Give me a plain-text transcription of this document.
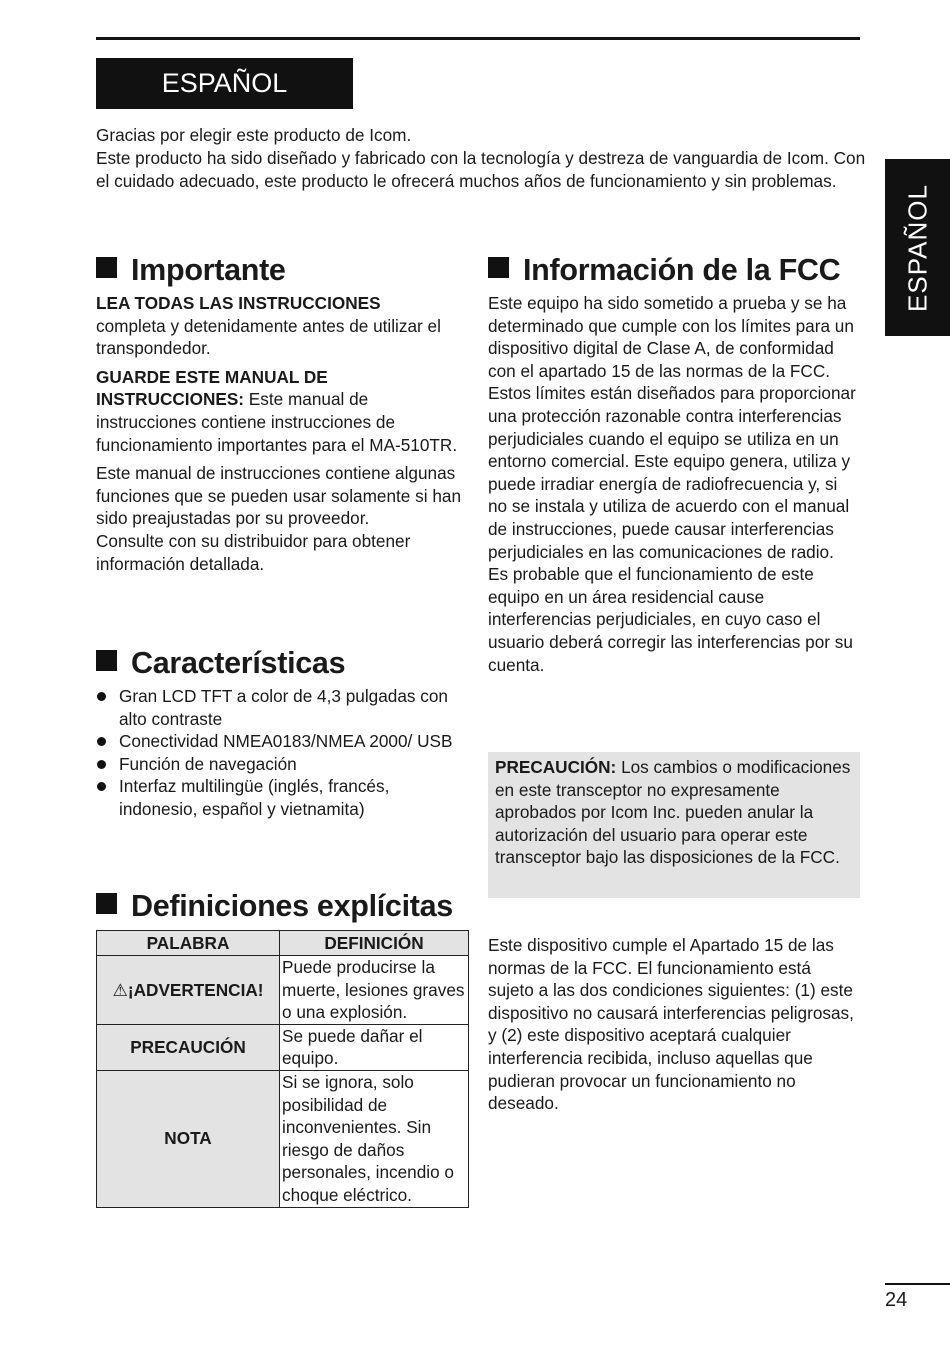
ESPAÑOL
ESPAÑOL

Gracias por elegir este producto de Icom.

Este producto ha sido diseñado y fabricado con la tecnología y destreza de vanguardia de Icom. Con el cuidado adecuado, este producto le ofrecerá muchos años de funcionamiento y sin problemas.

Importante

LEA TODAS LAS INSTRUCCIONES
completa y detenidamente antes de utilizar el transpondedor.

GUARDE ESTE MANUAL DE INSTRUCCIONES: Este manual de instrucciones contiene instrucciones de funcionamiento importantes para el MA-510TR.

Este manual de instrucciones contiene algunas funciones que se pueden usar solamente si han sido preajustadas por su proveedor.

Consulte con su distribuidor para obtener información detallada.

Características
Gran LCD TFT a color de 4,3 pulgadas con alto contraste
Conectividad NMEA0183/NMEA 2000/ USB
Función de navegación
Interfaz multilingüe (inglés, francés, indonesio, español y vietnamita)
Definiciones explícitas
PALABRA	DEFINICIÓN
⚠¡ADVERTENCIA!	Puede producirse la muerte, lesiones graves o una explosión.
PRECAUCIÓN	Se puede dañar el equipo.
NOTA	Si se ignora, solo posibilidad de inconvenientes. Sin riesgo de daños personales, incendio o choque eléctrico.
Información de la FCC

Este equipo ha sido sometido a prueba y se ha determinado que cumple con los límites para un dispositivo digital de Clase A, de conformidad con el apartado 15 de las normas de la FCC. Estos límites están diseñados para proporcionar una protección razonable contra interferencias perjudiciales cuando el equipo se utiliza en un entorno comercial. Este equipo genera, utiliza y puede irradiar energía de radiofrecuencia y, si no se instala y utiliza de acuerdo con el manual de instrucciones, puede causar interferencias perjudiciales en las comunicaciones de radio.

Es probable que el funcionamiento de este equipo en un área residencial cause interferencias perjudiciales, en cuyo caso el usuario deberá corregir las interferencias por su cuenta.

PRECAUCIÓN: Los cambios o modificaciones en este transceptor no expresamente aprobados por Icom Inc. pueden anular la autorización del usuario para operar este transceptor bajo las disposiciones de la FCC.

Este dispositivo cumple el Apartado 15 de las normas de la FCC. El funcionamiento está sujeto a las dos condiciones siguientes: (1) este dispositivo no causará interferencias peligrosas, y (2) este dispositivo aceptará cualquier interferencia recibida, incluso aquellas que pudieran provocar un funcionamiento no deseado.

24
